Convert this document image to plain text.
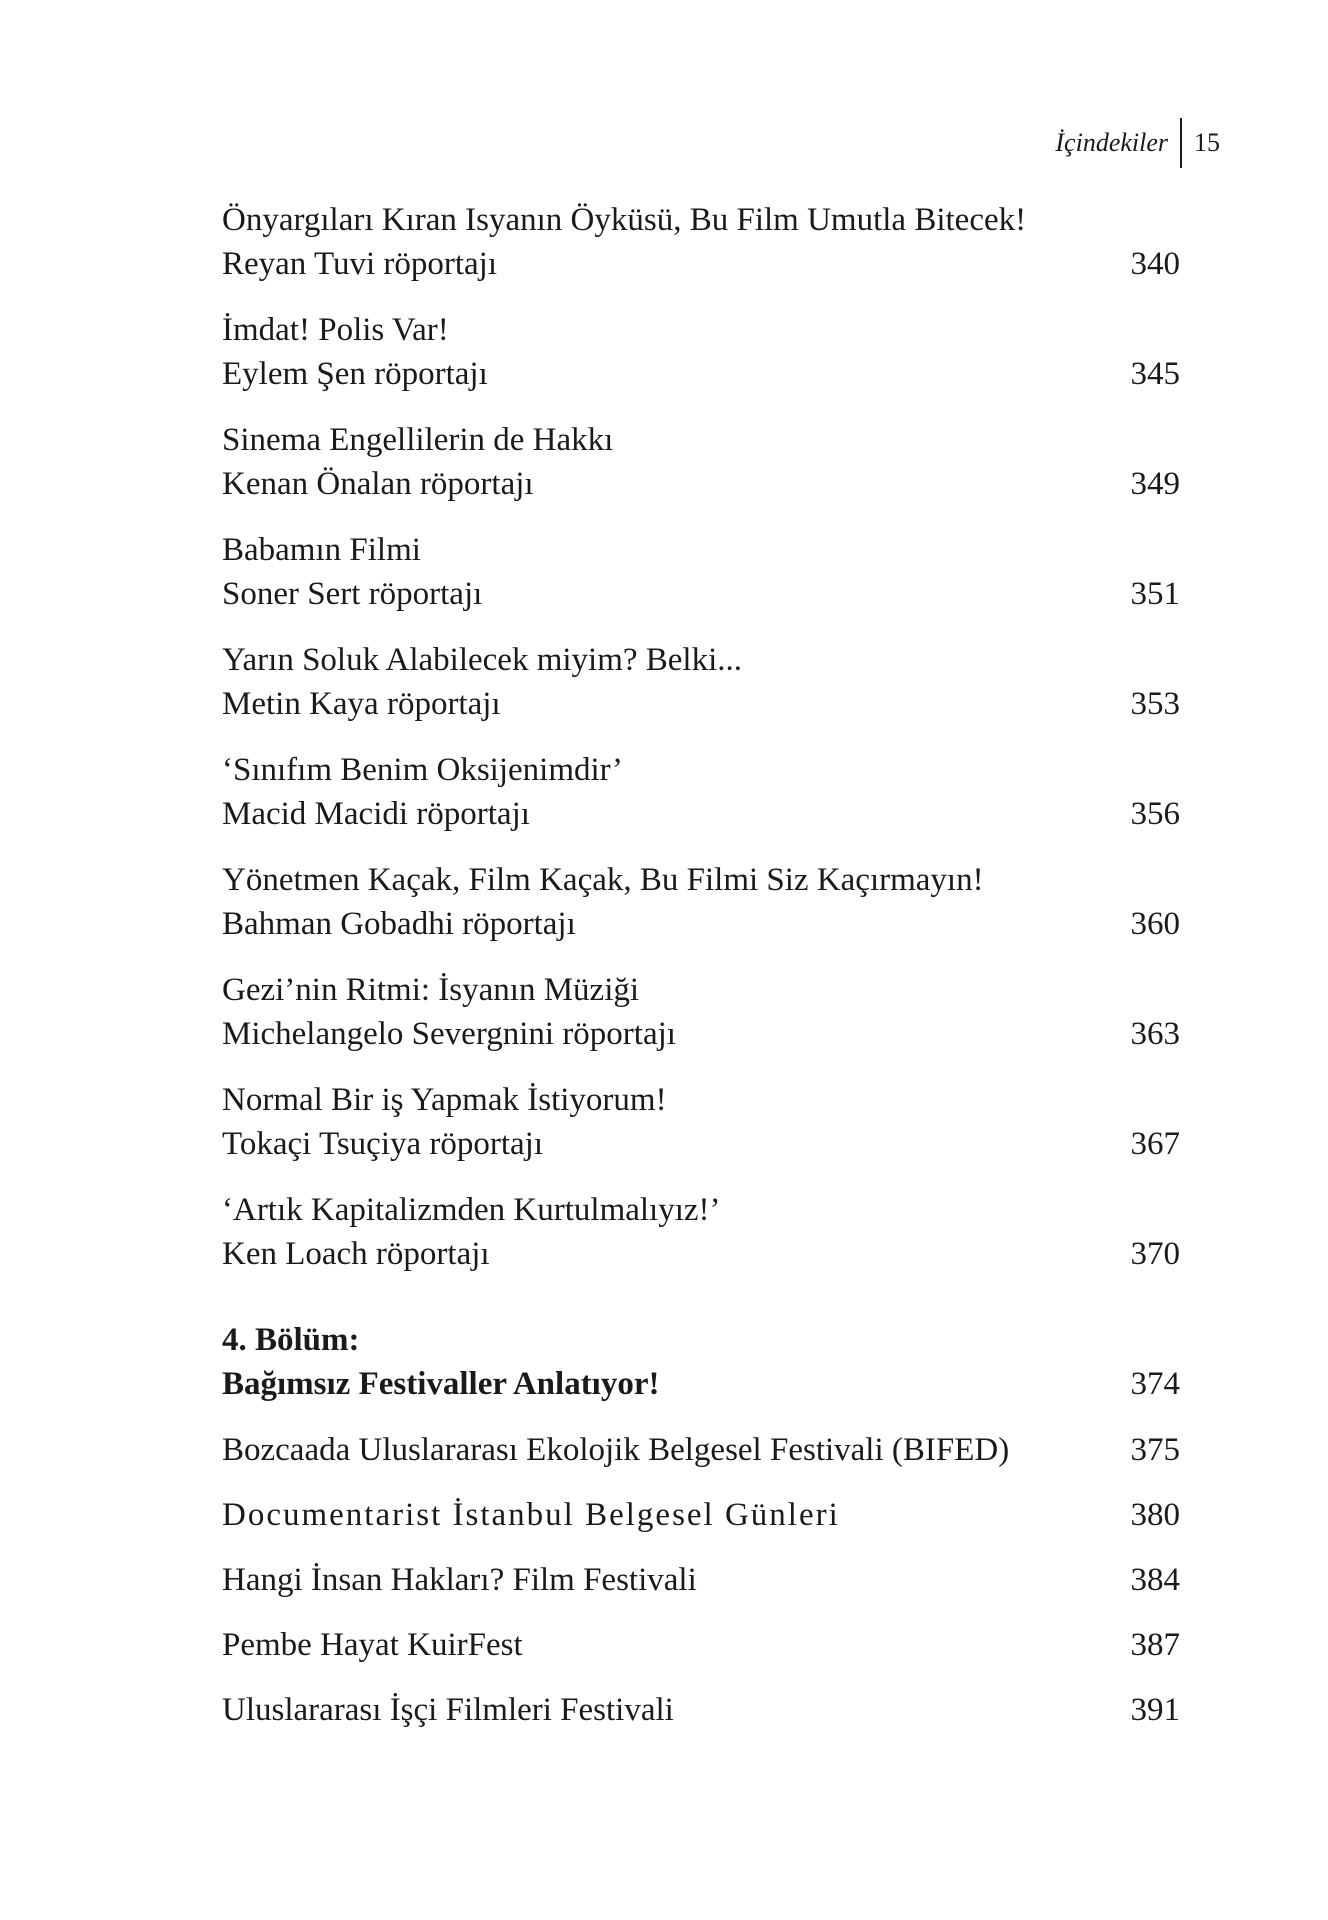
İçindekiler	15
Önyargıları Kıran Isyanın Öyküsü, Bu Film Umutla Bitecek!
Reyan Tuvi röportajı	340
İmdat! Polis Var!
Eylem Şen röportajı	345
Sinema Engellilerin de Hakkı
Kenan Önalan röportajı	349
Babamın Filmi
Soner Sert röportajı	351
Yarın Soluk Alabilecek miyim? Belki...
Metin Kaya röportajı	353
‘Sınıfım Benim Oksijenimdir’
Macid Macidi röportajı	356
Yönetmen Kaçak, Film Kaçak, Bu Filmi Siz Kaçırmayın!
Bahman Gobadhi röportajı	360
Gezi’nin Ritmi: İsyanın Müziği
Michelangelo Severgnini röportajı	363
Normal Bir iş Yapmak İstiyorum!
Tokaçi Tsuçiya röportajı	367
‘Artık Kapitalizmden Kurtulmalıyız!’
Ken Loach röportajı	370
4. Bölüm:
Bağımsız Festivaller Anlatıyor!	374
Bozcaada Uluslararası Ekolojik Belgesel Festivali (BIFED)	375
Documentarist İstanbul Belgesel Günleri	380
Hangi İnsan Hakları? Film Festivali	384
Pembe Hayat KuirFest	387
Uluslararası İşçi Filmleri Festivali	391
